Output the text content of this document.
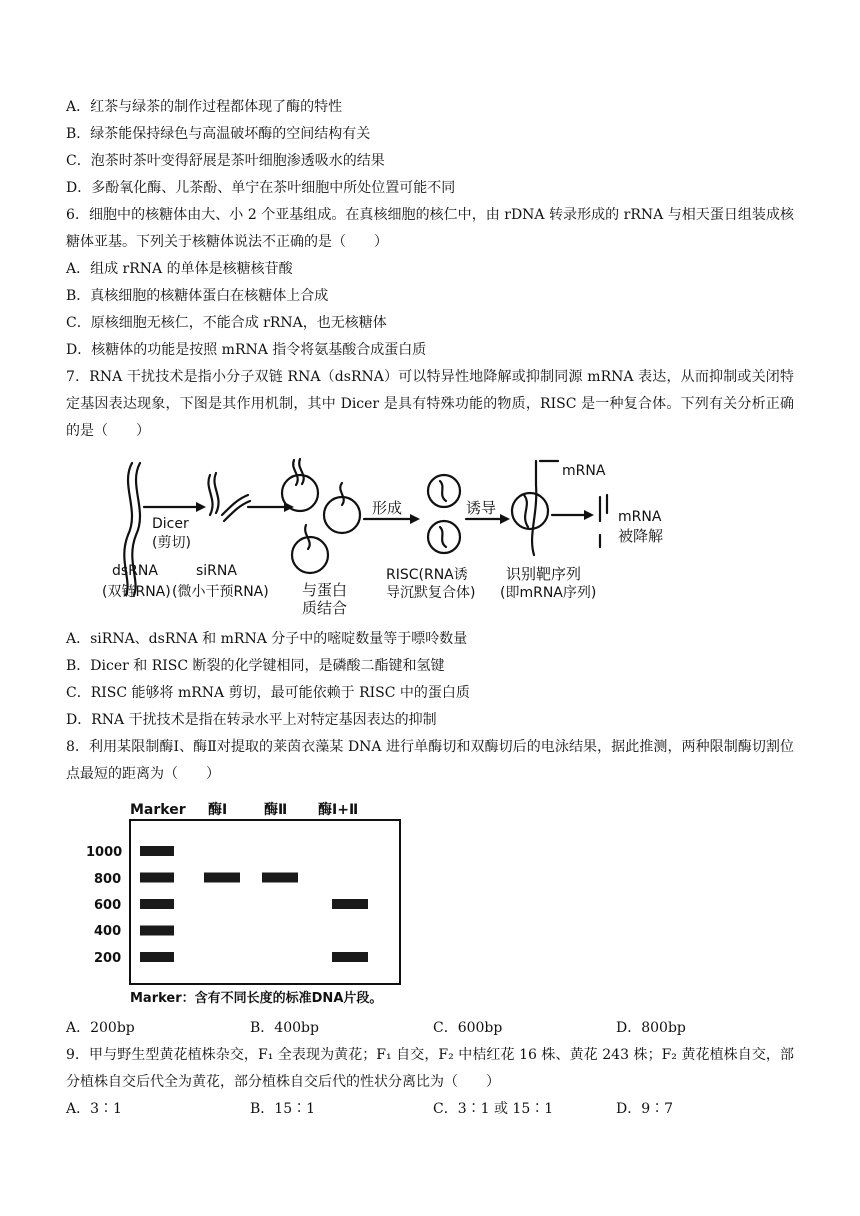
A．红茶与绿茶的制作过程都体现了酶的特性
B．绿茶能保持绿色与高温破坏酶的空间结构有关
C．泡茶时茶叶变得舒展是茶叶细胞渗透吸水的结果
D．多酚氧化酶、儿茶酚、单宁在茶叶细胞中所处位置可能不同
6．细胞中的核糖体由大、小 2 个亚基组成。在真核细胞的核仁中，由 rDNA 转录形成的 rRNA 与相天蛋日组装成核糖体亚基。下列关于核糖体说法不正确的是（　　）
A．组成 rRNA 的单体是核糖核苷酸
B．真核细胞的核糖体蛋白在核糖体上合成
C．原核细胞无核仁，不能合成 rRNA，也无核糖体
D．核糖体的功能是按照 mRNA 指令将氨基酸合成蛋白质
7．RNA 干扰技术是指小分子双链 RNA（dsRNA）可以特异性地降解或抑制同源 mRNA 表达，从而抑制或关闭特定基因表达现象，下图是其作用机制，其中 Dicer 是具有特殊功能的物质，RISC 是一种复合体。下列有关分析正确的是（　　）
Dicer
(剪切)
dsRNA
(双链RNA)
siRNA
(微小干预RNA) 与蛋白
质结合
形成	诱导
RISC(RNA诱
导沉默复合体)
识别靶序列
(即mRNA序列)
mRNA
mRNA
被降解
A．siRNA、dsRNA 和 mRNA 分子中的嘧啶数量等于嘌呤数量
B．Dicer 和 RISC 断裂的化学键相同，是磷酸二酯键和氢键
C．RISC 能够将 mRNA 剪切，最可能依赖于 RISC 中的蛋白质
D．RNA 干扰技术是指在转录水平上对特定基因表达的抑制
8．利用某限制酶Ⅰ、酶Ⅱ对提取的莱茵衣藻某 DNA 进行单酶切和双酶切后的电泳结果，据此推测，两种限制酶切割位点最短的距离为（　　）
Marker 酶Ⅰ	酶Ⅱ 酶Ⅰ+Ⅱ
1000
800
600
400
200
Marker：含有不同长度的标准DNA片段。
A．200bp	B．400bp	C．600bp	D．800bp
9．甲与野生型黄花植株杂交，F₁ 全表现为黄花；F₁ 自交，F₂ 中桔红花 16 株、黄花 243 株；F₂ 黄花植株自交，部分植株自交后代全为黄花，部分植株自交后代的性状分离比为（　　）
A．3∶1	B．15∶1	C．3∶1 或 15∶1	D．9∶7
